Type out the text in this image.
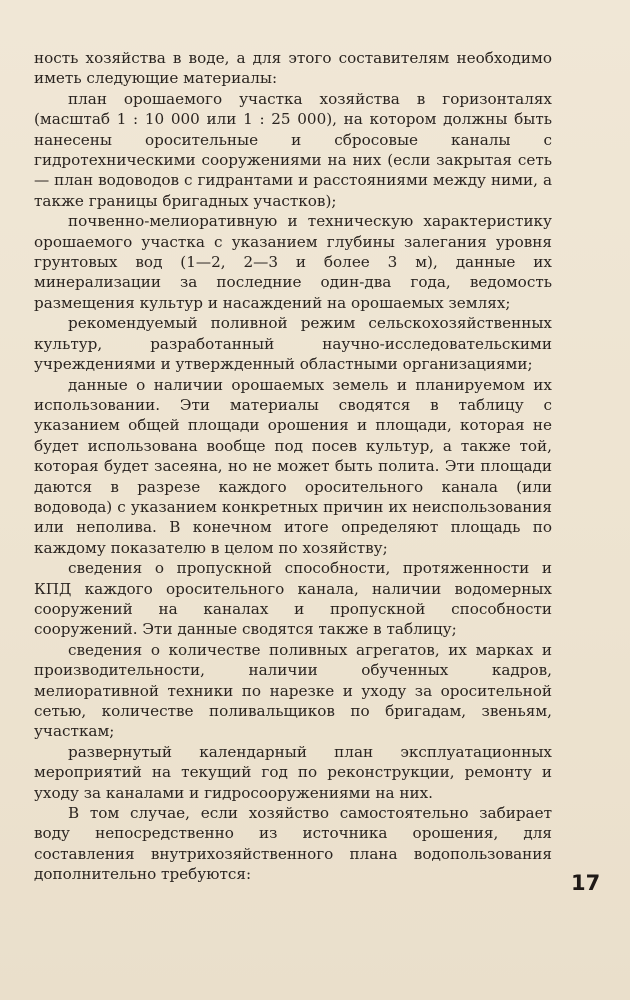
ность хозяйства в воде, а для этого составителям необходимо иметь следующие материалы:

план орошаемого участка хозяйства в горизонталях (масштаб 1 : 10 000 или 1 : 25 000), на котором должны быть нанесены оросительные и сбросовые каналы с гидротехническими сооружениями на них (если закрытая сеть — план водоводов с гидрантами и расстояниями между ними, а также границы бригадных участков);

почвенно-мелиоративную и техническую характеристику орошаемого участка с указанием глубины залегания уровня грунтовых вод (1—2, 2—3 и более 3 м), данные их минерализации за последние один-два года, ведомость размещения культур и насаждений на орошаемых землях;

рекомендуемый поливной режим сельскохозяйственных культур, разработанный научно-исследовательскими учреждениями и утвержденный областными организациями;

данные о наличии орошаемых земель и планируемом их использовании. Эти материалы сводятся в таблицу с указанием общей площади орошения и площади, которая не будет использована вообще под посев культур, а также той, которая будет засеяна, но не может быть полита. Эти площади даются в разрезе каждого оросительного канала (или водовода) с указанием конкретных причин их неиспользования или неполива. В конечном итоге определяют площадь по каждому показателю в целом по хозяйству;

сведения о пропускной способности, протяженности и КПД каждого оросительного канала, наличии водомерных сооружений на каналах и пропускной способности сооружений. Эти данные сводятся также в таблицу;

сведения о количестве поливных агрегатов, их марках и производительности, наличии обученных кадров, мелиоративной техники по нарезке и уходу за оросительной сетью, количестве поливальщиков по бригадам, звеньям, участкам;

развернутый календарный план эксплуатационных мероприятий на текущий год по реконструкции, ремонту и уходу за каналами и гидросооружениями на них.

В том случае, если хозяйство самостоятельно забирает воду непосредственно из источника орошения, для составления внутрихозяйственного плана водопользования дополнительно требуются:	17
